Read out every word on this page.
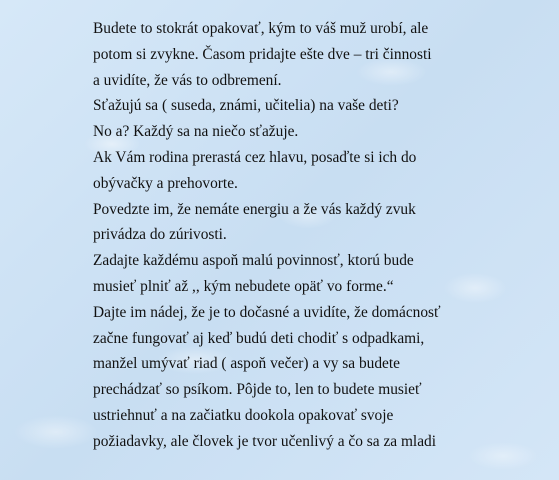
Budete to stokrát opakovať, kým to váš muž urobí, ale
potom si zvykne. Časom pridajte ešte dve – tri činnosti
a uvidíte, že vás to odbremení.
Sťažujú sa ( suseda, známi, učitelia) na vaše deti?
No a? Každý sa na niečo sťažuje.
Ak Vám rodina prerastá cez hlavu, posaďte si ich do
obývačky a prehovorte.
Povedzte im, že nemáte energiu a že vás každý zvuk
privádza do zúrivosti.
Zadajte každému aspoň malú povinnosť, ktorú bude
musieť plniť až ,, kým nebudete opäť vo forme.“
Dajte im nádej, že je to dočasné a uvidíte, že domácnosť
začne fungovať aj keď budú deti chodiť s odpadkami,
manžel umývať riad ( aspoň večer) a vy sa budete
prechádzať so psíkom. Pôjde to, len to budete musieť
ustriehnuť a na začiatku dookola opakovať svoje
požiadavky, ale človek je tvor učenlivý a čo sa za mladi
